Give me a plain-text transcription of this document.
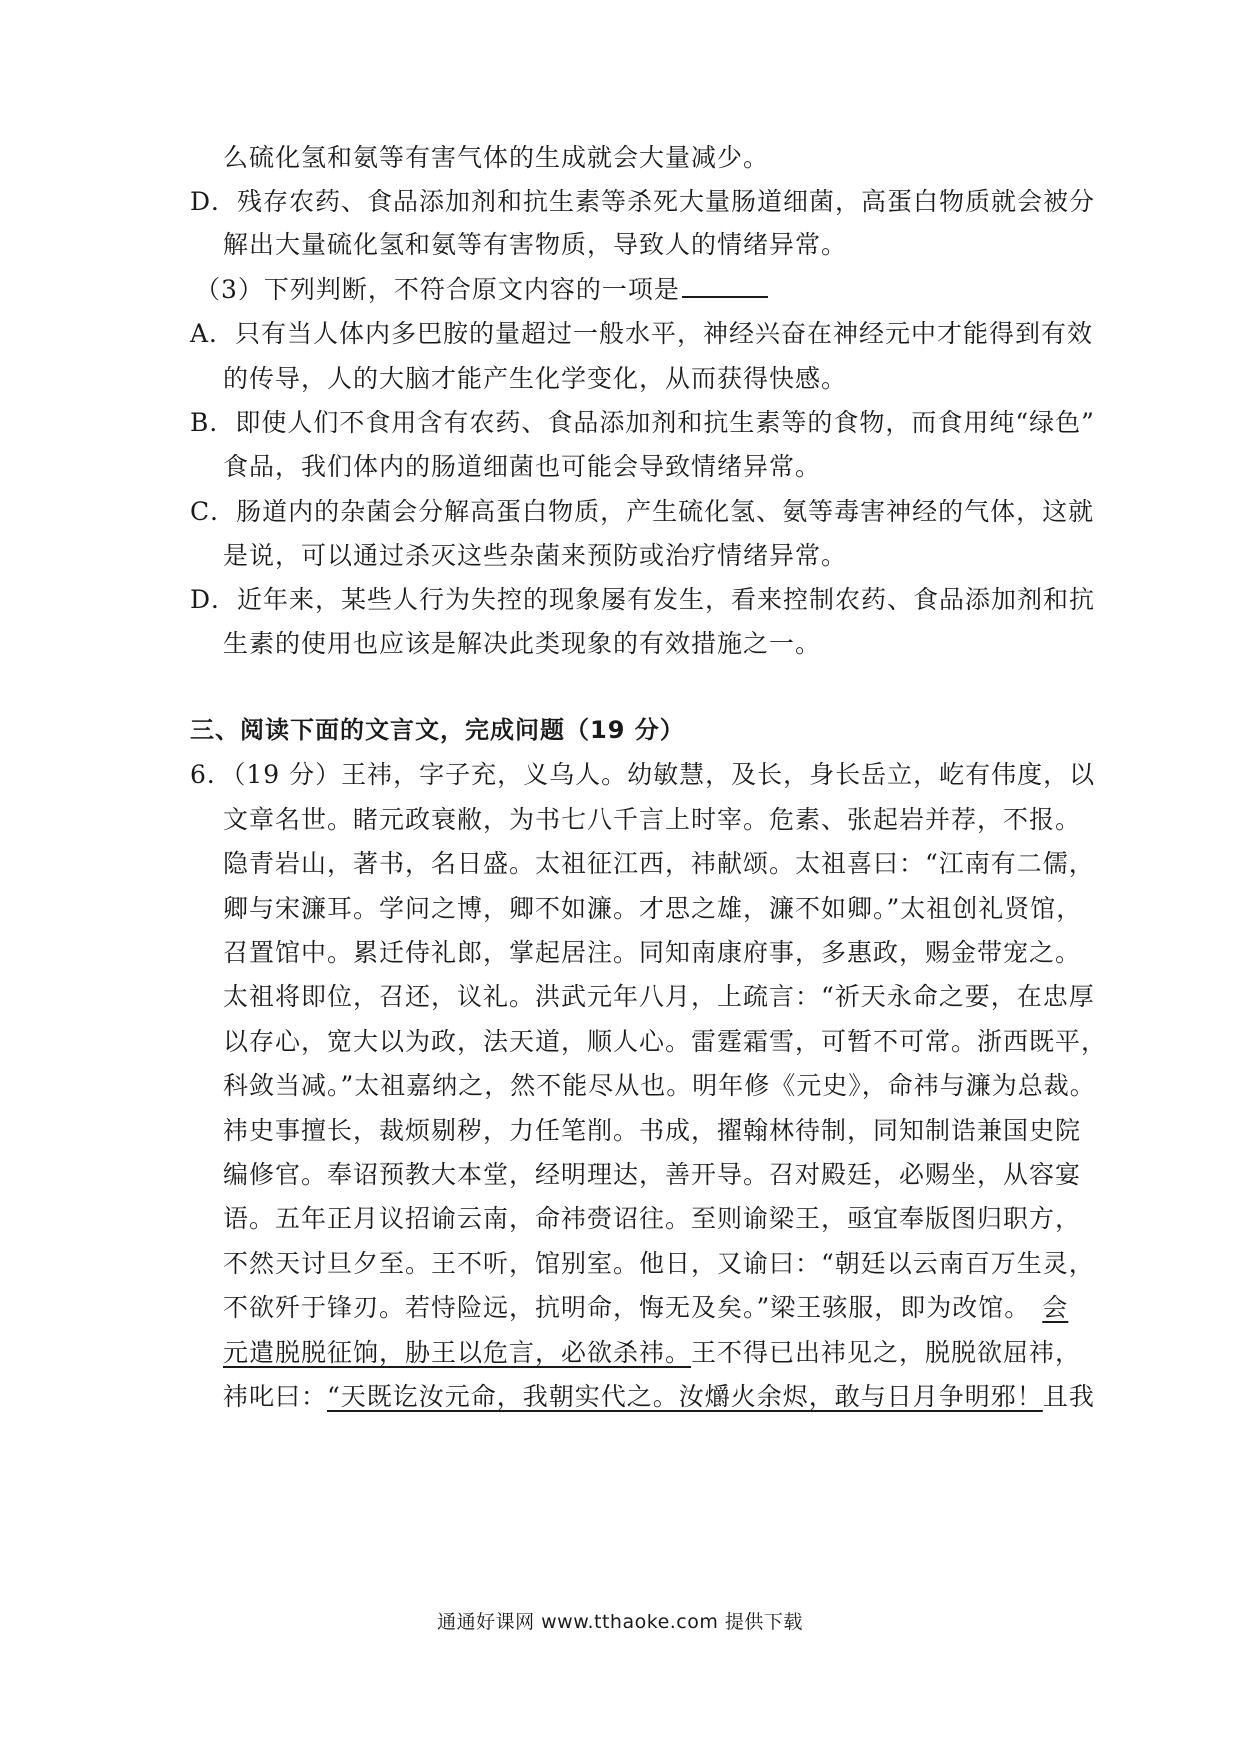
么硫化氢和氨等有害气体的生成就会大量减少。
D．残存农药、食品添加剂和抗生素等杀死大量肠道细菌，高蛋白物质就会被分
解出大量硫化氢和氨等有害物质，导致人的情绪异常。
（3）下列判断，不符合原文内容的一项是
A．只有当人体内多巴胺的量超过一般水平，神经兴奋在神经元中才能得到有效
的传导，人的大脑才能产生化学变化，从而获得快感。
B．即使人们不食用含有农药、食品添加剂和抗生素等的食物，而食用纯“绿色”
食品，我们体内的肠道细菌也可能会导致情绪异常。
C．肠道内的杂菌会分解高蛋白物质，产生硫化氢、氨等毒害神经的气体，这就
是说，可以通过杀灭这些杂菌来预防或治疗情绪异常。
D．近年来，某些人行为失控的现象屡有发生，看来控制农药、食品添加剂和抗
生素的使用也应该是解决此类现象的有效措施之一。
三、阅读下面的文言文，完成问题（19 分）
6．（19 分）王祎，字子充，义乌人。幼敏慧，及长，身长岳立，屹有伟度，以
文章名世。睹元政衰敝，为书七八千言上时宰。危素、张起岩并荐，不报。
隐青岩山，著书，名日盛。太祖征江西，祎献颂。太祖喜曰：“江南有二儒，
卿与宋濂耳。学问之博，卿不如濂。才思之雄，濂不如卿。”太祖创礼贤馆，
召置馆中。累迁侍礼郎，掌起居注。同知南康府事，多惠政，赐金带宠之。
太祖将即位，召还，议礼。洪武元年八月，上疏言：“祈天永命之要，在忠厚
以存心，宽大以为政，法天道，顺人心。雷霆霜雪，可暂不可常。浙西既平，
科敛当减。”太祖嘉纳之，然不能尽从也。明年修《元史》，命祎与濂为总裁。
祎史事擅长，裁烦剔秽，力任笔削。书成，擢翰林待制，同知制诰兼国史院
编修官。奉诏预教大本堂，经明理达，善开导。召对殿廷，必赐坐，从容宴
语。五年正月议招谕云南，命祎赍诏往。至则谕梁王，亟宜奉版图归职方，
不然天讨旦夕至。王不听，馆别室。他日，又谕曰：“朝廷以云南百万生灵，
不欲歼于锋刃。若恃险远，抗明命，悔无及矣。”梁王骇服，即为改馆。 会
元遣脱脱征饷，胁王以危言，必欲杀祎。王不得已出祎见之，脱脱欲屈祎，
祎叱曰：“天既讫汝元命，我朝实代之。汝爝火余烬，敢与日月争明邪！且我
通通好课网 www.tthaoke.com 提供下载
